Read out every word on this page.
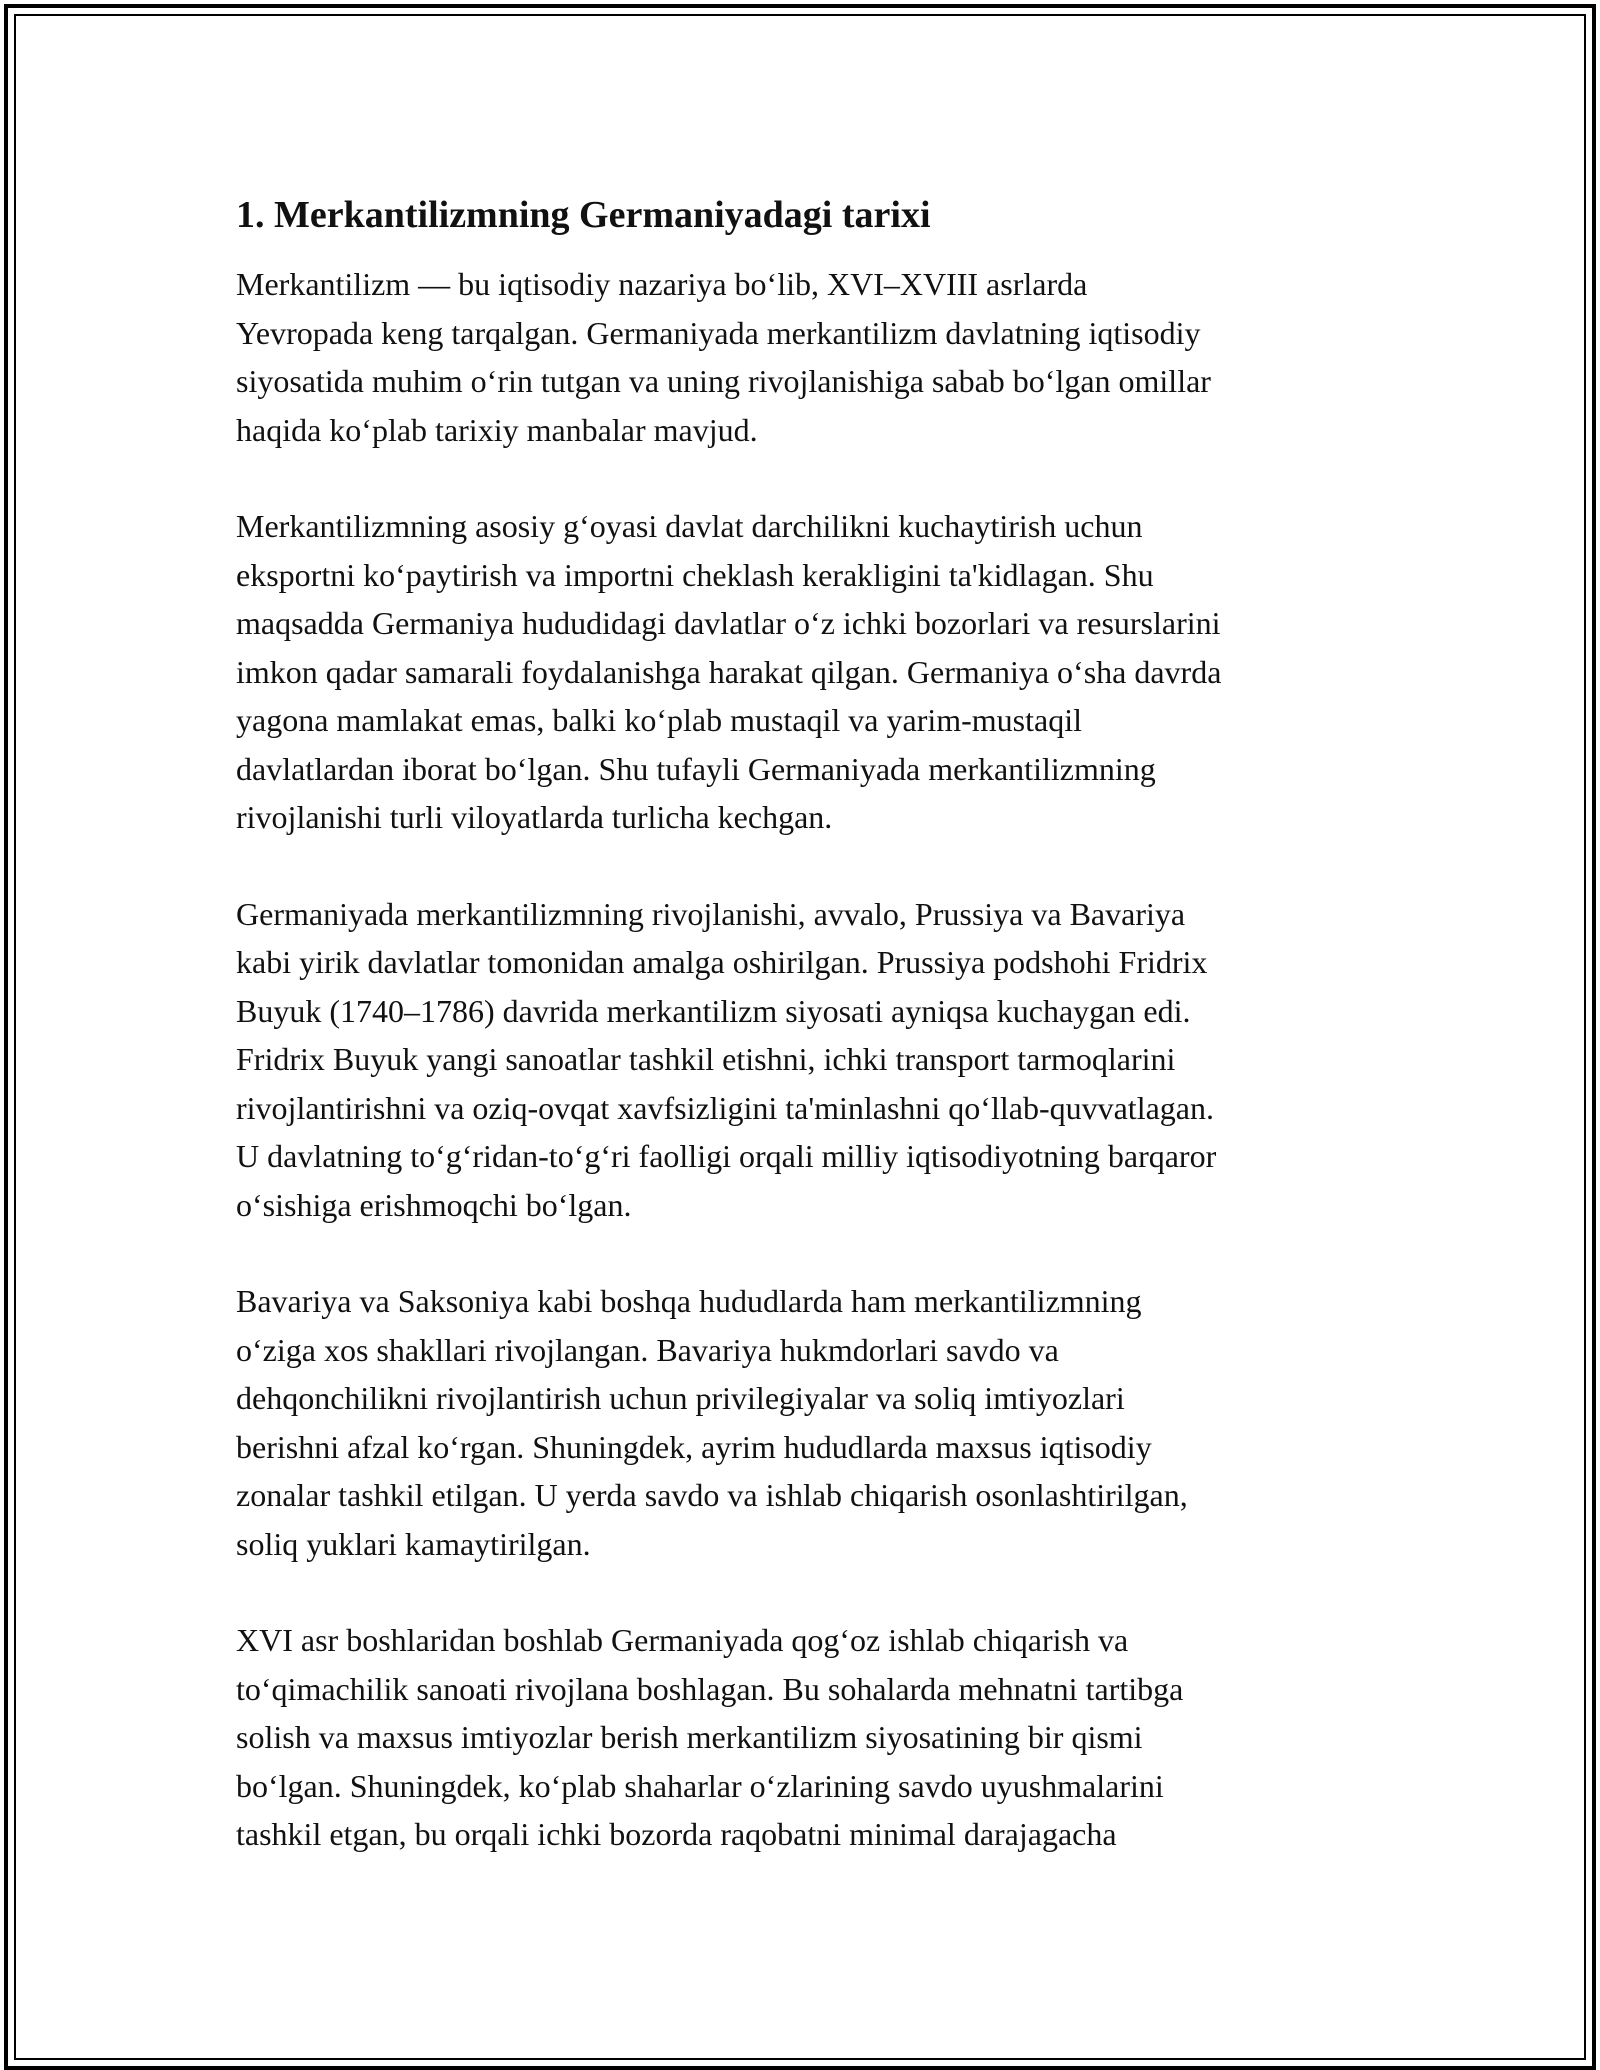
1. Merkantilizmning Germaniyadagi tarixi
Merkantilizm — bu iqtisodiy nazariya bo‘lib, XVI–XVIII asrlarda
Yevropada keng tarqalgan. Germaniyada merkantilizm davlatning iqtisodiy
siyosatida muhim o‘rin tutgan va uning rivojlanishiga sabab bo‘lgan omillar
haqida ko‘plab tarixiy manbalar mavjud.
Merkantilizmning asosiy g‘oyasi davlat darchilikni kuchaytirish uchun
eksportni ko‘paytirish va importni cheklash kerakligini ta'kidlagan. Shu
maqsadda Germaniya hududidagi davlatlar o‘z ichki bozorlari va resurslarini
imkon qadar samarali foydalanishga harakat qilgan. Germaniya o‘sha davrda
yagona mamlakat emas, balki ko‘plab mustaqil va yarim-mustaqil
davlatlardan iborat bo‘lgan. Shu tufayli Germaniyada merkantilizmning
rivojlanishi turli viloyatlarda turlicha kechgan.
Germaniyada merkantilizmning rivojlanishi, avvalo, Prussiya va Bavariya
kabi yirik davlatlar tomonidan amalga oshirilgan. Prussiya podshohi Fridrix
Buyuk (1740–1786) davrida merkantilizm siyosati ayniqsa kuchaygan edi.
Fridrix Buyuk yangi sanoatlar tashkil etishni, ichki transport tarmoqlarini
rivojlantirishni va oziq-ovqat xavfsizligini ta'minlashni qo‘llab-quvvatlagan.
U davlatning to‘g‘ridan-to‘g‘ri faolligi orqali milliy iqtisodiyotning barqaror
o‘sishiga erishmoqchi bo‘lgan.
Bavariya va Saksoniya kabi boshqa hududlarda ham merkantilizmning
o‘ziga xos shakllari rivojlangan. Bavariya hukmdorlari savdo va
dehqonchilikni rivojlantirish uchun privilegiyalar va soliq imtiyozlari
berishni afzal ko‘rgan. Shuningdek, ayrim hududlarda maxsus iqtisodiy
zonalar tashkil etilgan. U yerda savdo va ishlab chiqarish osonlashtirilgan,
soliq yuklari kamaytirilgan.
XVI asr boshlaridan boshlab Germaniyada qog‘oz ishlab chiqarish va
to‘qimachilik sanoati rivojlana boshlagan. Bu sohalarda mehnatni tartibga
solish va maxsus imtiyozlar berish merkantilizm siyosatining bir qismi
bo‘lgan. Shuningdek, ko‘plab shaharlar o‘zlarining savdo uyushmalarini
tashkil etgan, bu orqali ichki bozorda raqobatni minimal darajagacha
